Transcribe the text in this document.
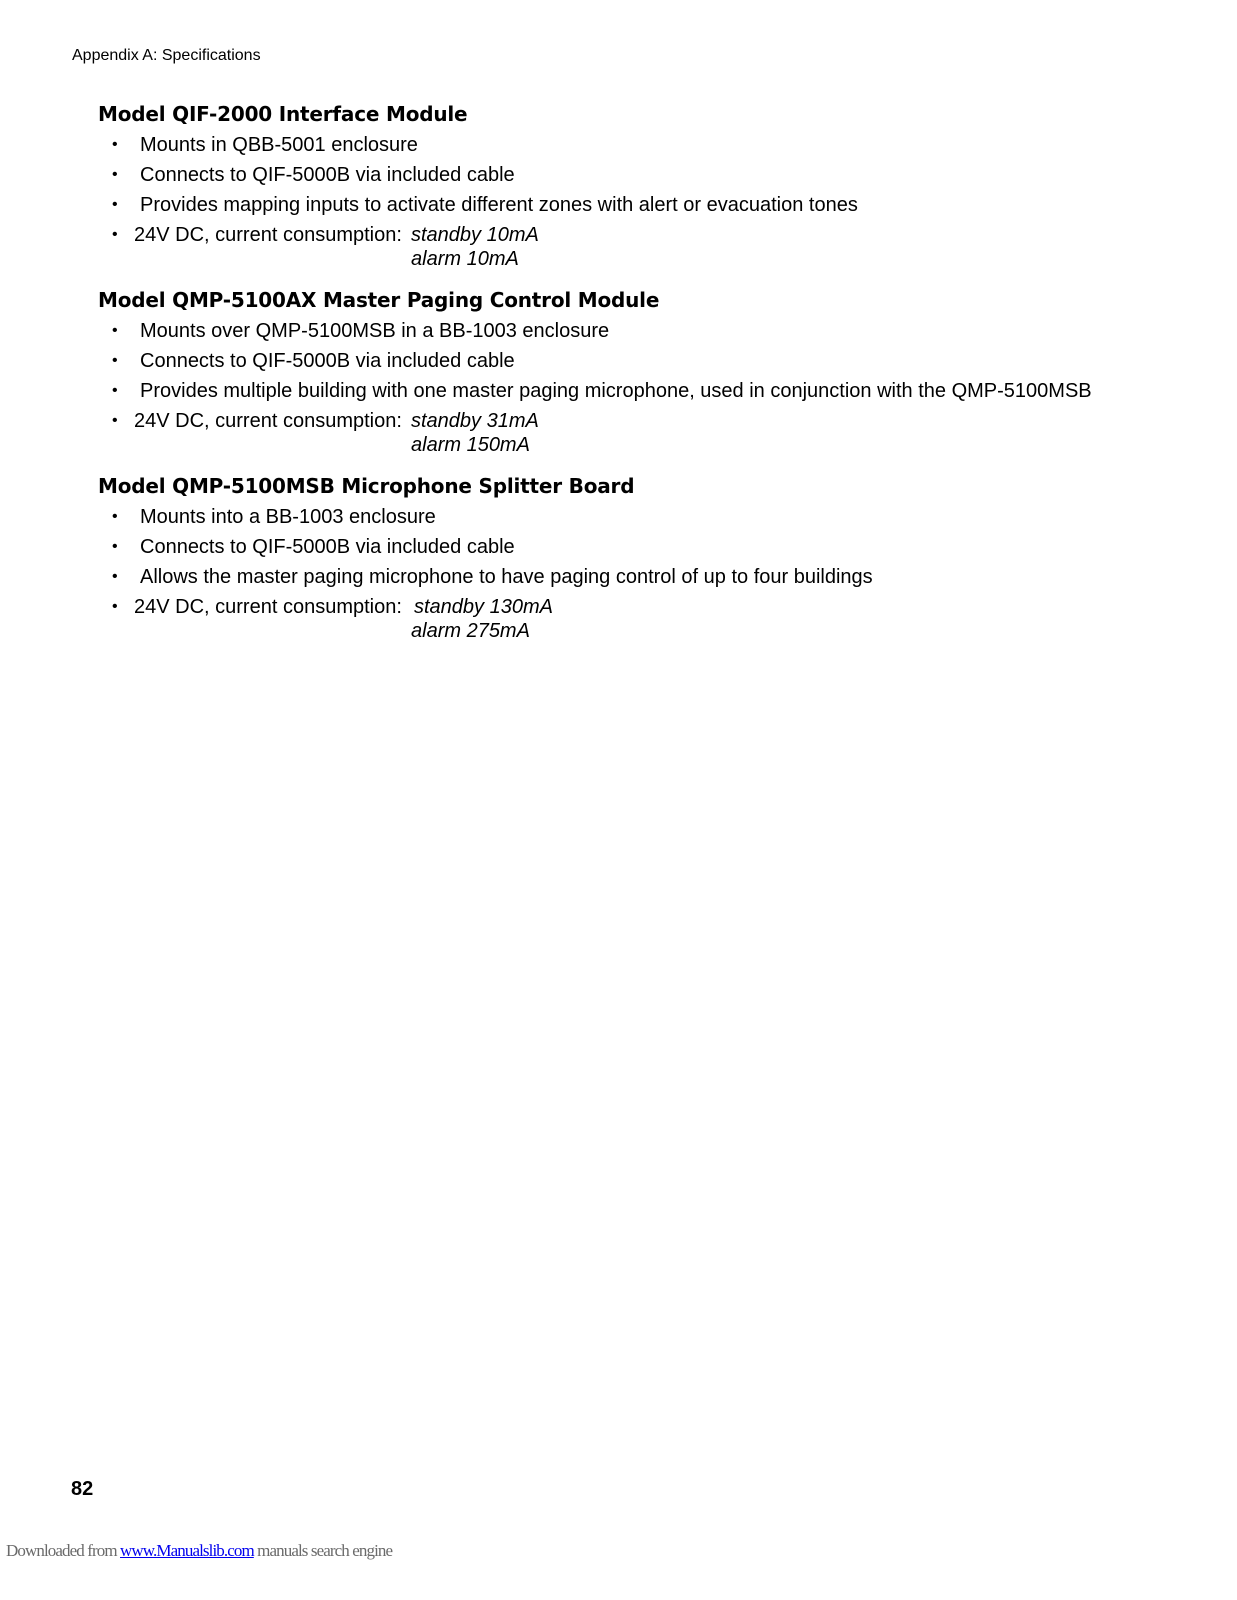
Appendix A: Specifications
Model QIF-2000 Interface Module
• Mounts in QBB-5001 enclosure
• Connects to QIF-5000B via included cable
• Provides mapping inputs to activate different zones with alert or evacuation tones
• 24V DC, current consumption: standby 10mA
alarm 10mA
Model QMP-5100AX Master Paging Control Module
• Mounts over QMP-5100MSB in a BB-1003 enclosure
• Connects to QIF-5000B via included cable
• Provides multiple building with one master paging microphone, used in conjunction with the QMP-5100MSB
• 24V DC, current consumption: standby 31mA
alarm 150mA
Model QMP-5100MSB Microphone Splitter Board
• Mounts into a BB-1003 enclosure
• Connects to QIF-5000B via included cable
• Allows the master paging microphone to have paging control of up to four buildings
• 24V DC, current consumption: standby 130mA
alarm 275mA
82
Downloaded from www.Manualslib.com manuals search engine
